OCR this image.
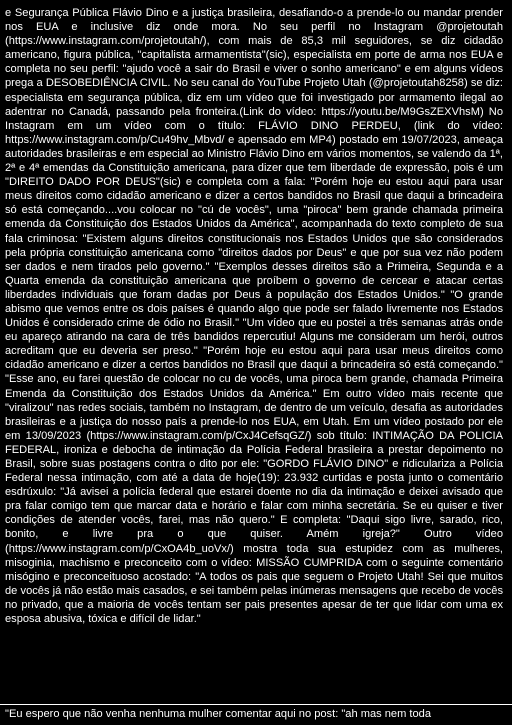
e Segurança Pública Flávio Dino e a justiça brasileira, desafiando-o a prende-lo ou mandar prender nos EUA e inclusive diz onde mora. No seu perfil no Instagram @projetoutah (https://www.instagram.com/projetoutah/), com mais de 85,3 mil seguidores, se diz cidadão americano, figura pública, "capitalista armamentista"(sic), especialista em porte de arma nos EUA e completa no seu perfil: "ajudo você a sair do Brasil e viver o sonho americano" e em alguns vídeos prega a DESOBEDIÊNCIA CIVIL. No seu canal do YouTube Projeto Utah (@projetoutah8258) se diz: especialista em segurança pública, diz em um vídeo que foi investigado por armamento ilegal ao adentrar no Canadá, passando pela fronteira.(Link do vídeo: https://youtu.be/M9GsZEXVhsM) No Instagram em um vídeo com o título: FLÁVIO DINO PERDEU, (link do vídeo: https://www.instagram.com/p/Cu49hv_Mbvd/ e apensado em MP4) postado em 19/07/2023, ameaça autoridades brasileiras e em especial ao Ministro Flávio Dino em vários momentos, se valendo da 1ª, 2ª e 4ª emendas da Constituição americana, para dizer que tem liberdade de expressão, pois é um "DIREITO DADO POR DEUS"(sic) e completa com a fala: "Porém hoje eu estou aqui para usar meus direitos como cidadão americano e dizer a certos bandidos no Brasil que daqui a brincadeira só está começando....vou colocar no "cú de vocês", uma "piroca" bem grande chamada primeira emenda da Constituição dos Estados Unidos da América", acompanhada do texto completo de sua fala criminosa: "Existem alguns direitos constitucionais nos Estados Unidos que são considerados pela própria constituição americana como "direitos dados por Deus" e que por sua vez não podem ser dados e nem tirados pelo governo." "Exemplos desses direitos são a Primeira, Segunda e a Quarta emenda da constituição americana que proíbem o governo de cercear e atacar certas liberdades individuais que foram dadas por Deus à população dos Estados Unidos." "O grande abismo que vemos entre os dois países é quando algo que pode ser falado livremente nos Estados Unidos é considerado crime de ódio no Brasil." "Um vídeo que eu postei a três semanas atrás onde eu apareço atirando na cara de três bandidos repercutiu! Alguns me consideram um herói, outros acreditam que eu deveria ser preso." "Porém hoje eu estou aqui para usar meus direitos como cidadão americano e dizer a certos bandidos no Brasil que daqui a brincadeira só está começando." "Esse ano, eu farei questão de colocar no cu de vocês, uma piroca bem grande, chamada Primeira Emenda da Constituição dos Estados Unidos da América." Em outro vídeo mais recente que "viralizou" nas redes sociais, também no Instagram, de dentro de um veículo, desafia as autoridades brasileiras e a justiça do nosso país a prende-lo nos EUA, em Utah. Em um vídeo postado por ele em 13/09/2023 (https://www.instagram.com/p/CxJ4CefsqGZ/) sob título: INTIMAÇÃO DA POLICIA FEDERAL, ironiza e debocha de intimação da Polícia Federal brasileira a prestar depoimento no Brasil, sobre suas postagens contra o dito por ele: "GORDO FLÁVIO DINO" e ridiculariza a Polícia Federal nessa intimação, com até a data de hoje(19): 23.932 curtidas e posta junto o comentário esdrúxulo: "Já avisei a polícia federal que estarei doente no dia da intimação e deixei avisado que pra falar comigo tem que marcar data e horário e falar com minha secretária. Se eu quiser e tiver condições de atender vocês, farei, mas não quero." E completa: "Daqui sigo livre, sarado, rico, bonito, e livre pra o que quiser. Amém igreja?" Outro vídeo (https://www.instagram.com/p/CxOA4b_uoVx/) mostra toda sua estupidez com as mulheres, misoginia, machismo e preconceito com o vídeo: MISSÃO CUMPRIDA com o seguinte comentário misógino e preconceituoso acostado: "A todos os pais que seguem o Projeto Utah! Sei que muitos de vocês já não estão mais casados, e sei também pelas inúmeras mensagens que recebo de vocês no privado, que a maioria de vocês tentam ser pais presentes apesar de ter que lidar com uma ex esposa abusiva, tóxica e difícil de lidar."

"Eu espero que não venha nenhuma mulher comentar aqui no post: "ah mas nem toda
